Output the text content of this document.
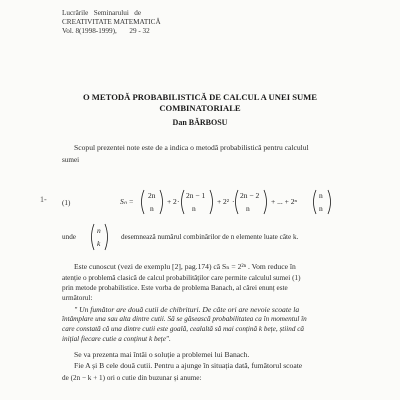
Lucrările   Seminarului   de
CREATIVITATE MATEMATICĂ
Vol. 8(1998-1999),       29 - 32
O METODĂ PROBABILISTICĂ DE CALCUL A UNEI SUME
COMBINATORIALE
Dan BĂRBOSU
Scopul prezentei note este de a indica o metodă probabilistică pentru calculul
sumei
1- (1)	Sₙ =
2n
n
+ 2 ·
2n − 1
n
+ 2² ·
2n − 2
n
+ ... + 2ⁿ
n
n
unde
n
k
desemnează numărul combinărilor de n elemente luate câte k.
Este cunoscut (vezi de exemplu [2], pag.174) că Sₙ = 2²ⁿ . Vom reduce în
atenție o problemă clasică de calcul probabilităților care permite calculul sumei (1)
prin metode probabilistice. Este vorba de problema Banach, al cărei enunț este
următorul:
" Un fumător are două cutii de chibrituri. De câte ori are nevoie scoate la
întâmplare una sau alta dintre cutii. Să se găsească probabilitatea ca în momentul în
care constată că una dintre cutii este goală, cealaltă să mai conțină k bețe, știind că
inițial fiecare cutie a conținut k bețe".
Se va prezenta mai întâi o soluție a problemei lui Banach.
Fie A și B cele două cutii. Pentru a ajunge în situația dată, fumătorul scoate
de (2n − k + 1) ori o cutie din buzunar și anume:
